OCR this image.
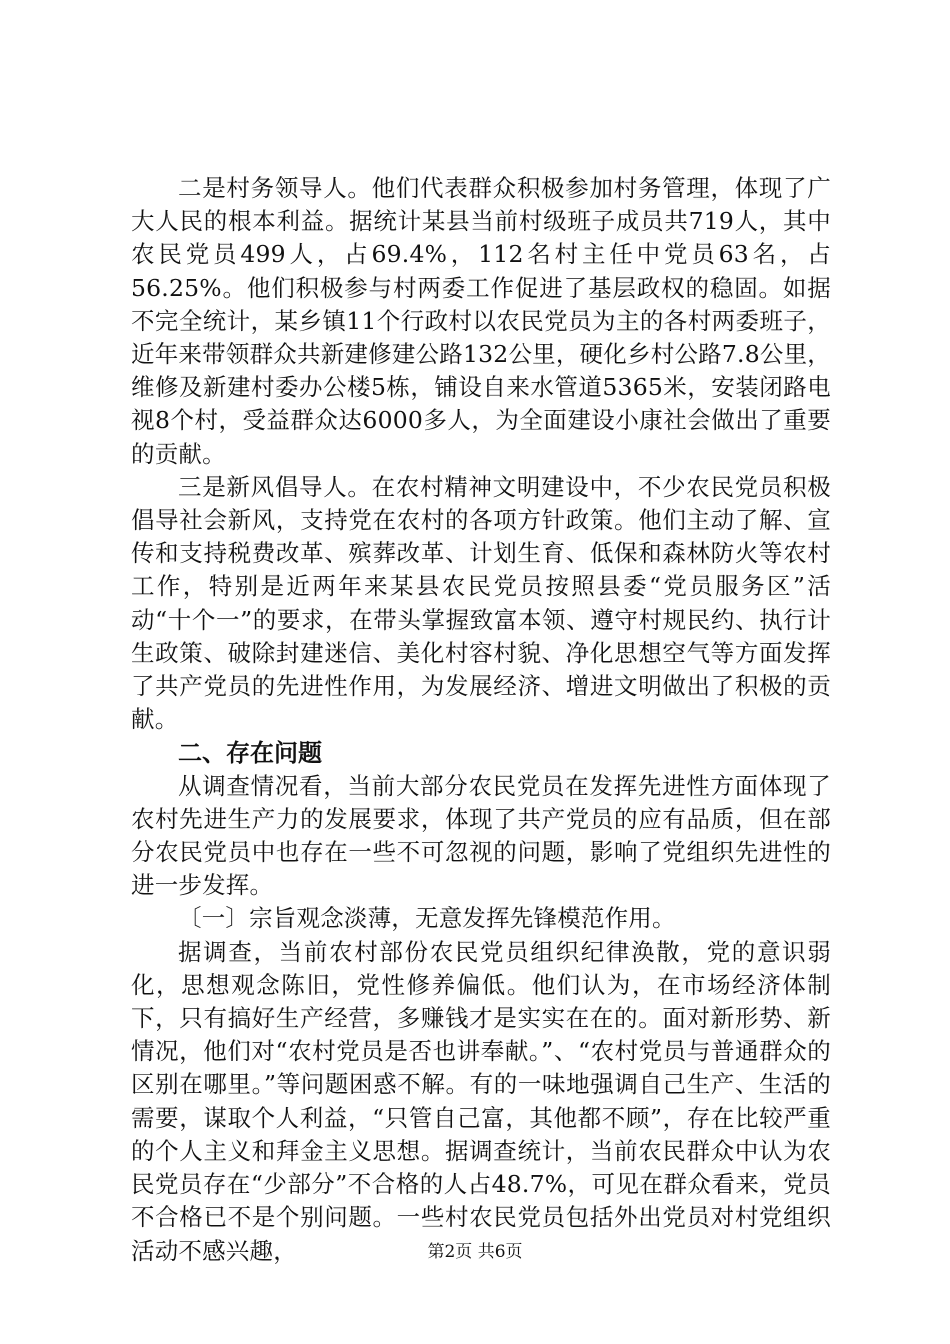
二是村务领导人。他们代表群众积极参加村务管理，体现了广大人民的根本利益。据统计某县当前村级班子成员共719人，其中农民党员499人，占69.4%，112名村主任中党员63名，占56.25%。他们积极参与村两委工作促进了基层政权的稳固。如据不完全统计，某乡镇11个行政村以农民党员为主的各村两委班子，近年来带领群众共新建修建公路132公里，硬化乡村公路7.8公里，维修及新建村委办公楼5栋，铺设自来水管道5365米，安装闭路电视8个村，受益群众达6000多人，为全面建设小康社会做出了重要的贡献。

三是新风倡导人。在农村精神文明建设中，不少农民党员积极倡导社会新风，支持党在农村的各项方针政策。他们主动了解、宣传和支持税费改革、殡葬改革、计划生育、低保和森林防火等农村工作，特别是近两年来某县农民党员按照县委“党员服务区”活动“十个一”的要求，在带头掌握致富本领、遵守村规民约、执行计生政策、破除封建迷信、美化村容村貌、净化思想空气等方面发挥了共产党员的先进性作用，为发展经济、增进文明做出了积极的贡献。

二、存在问题

从调查情况看，当前大部分农民党员在发挥先进性方面体现了农村先进生产力的发展要求，体现了共产党员的应有品质，但在部分农民党员中也存在一些不可忽视的问题，影响了党组织先进性的进一步发挥。

〔一〕宗旨观念淡薄，无意发挥先锋模范作用。

据调查，当前农村部份农民党员组织纪律涣散，党的意识弱化，思想观念陈旧，党性修养偏低。他们认为，在市场经济体制下，只有搞好生产经营，多赚钱才是实实在在的。面对新形势、新情况，他们对“农村党员是否也讲奉献。”、“农村党员与普通群众的区别在哪里。”等问题困惑不解。有的一味地强调自己生产、生活的需要，谋取个人利益，“只管自己富，其他都不顾”，存在比较严重的个人主义和拜金主义思想。据调查统计，当前农民群众中认为农民党员存在“少部分”不合格的人占48.7%，可见在群众看来，党员不合格已不是个别问题。一些村农民党员包括外出党员对村党组织活动不感兴趣，	第2页 共6页
